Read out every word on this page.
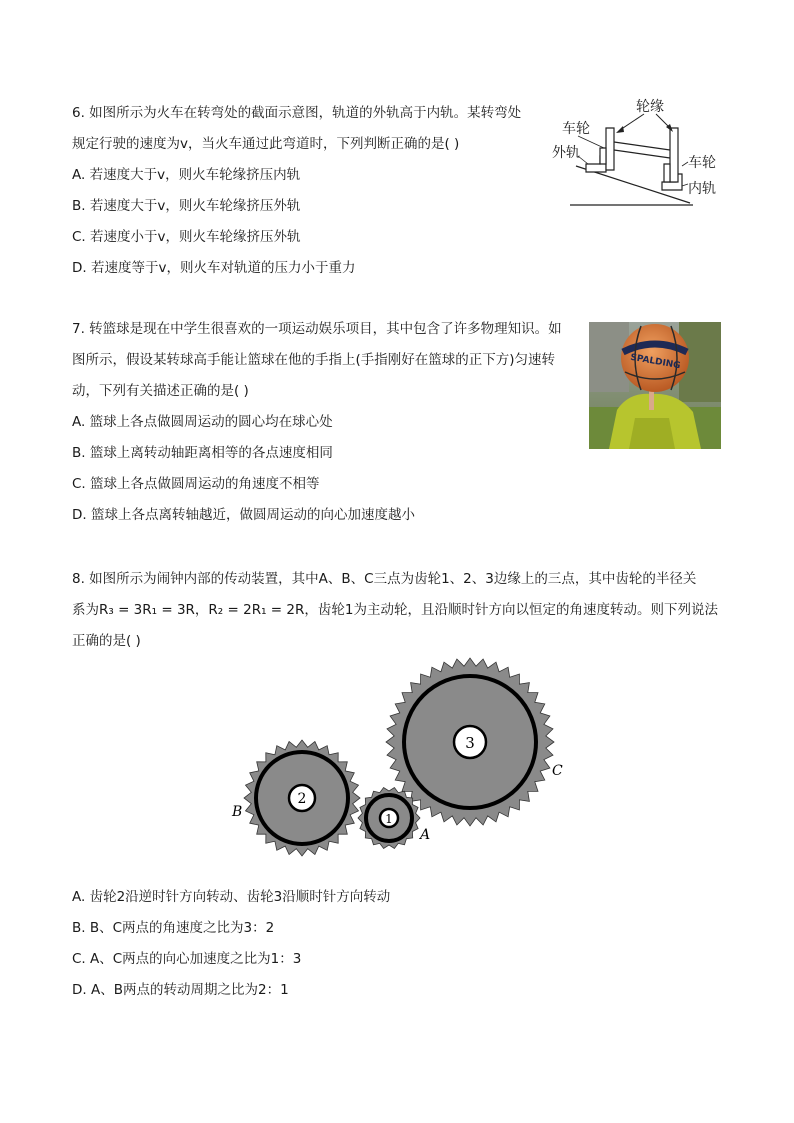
6. 如图所示为火车在转弯处的截面示意图，轨道的外轨高于内轨。某转弯处
规定行驶的速度为v，当火车通过此弯道时，下列判断正确的是( )
A. 若速度大于v，则火车轮缘挤压内轨
B. 若速度大于v，则火车轮缘挤压外轨
C. 若速度小于v，则火车轮缘挤压外轨
D. 若速度等于v，则火车对轨道的压力小于重力
轮缘
车轮
外轨
车轮
内轨
7. 转篮球是现在中学生很喜欢的一项运动娱乐项目，其中包含了许多物理知识。如
图所示，假设某转球高手能让篮球在他的手指上(手指刚好在篮球的正下方)匀速转
动，下列有关描述正确的是( )
A. 篮球上各点做圆周运动的圆心均在球心处
B. 篮球上离转动轴距离相等的各点速度相同
C. 篮球上各点做圆周运动的角速度不相等
D. 篮球上各点离转轴越近，做圆周运动的向心加速度越小
SPALDING
8. 如图所示为闹钟内部的传动装置，其中A、B、C三点为齿轮1、2、3边缘上的三点，其中齿轮的半径关
系为R₃ = 3R₁ = 3R，R₂ = 2R₁ = 2R，齿轮1为主动轮，且沿顺时针方向以恒定的角速度转动。则下列说法
正确的是( )
3
2
1
B
A
C
A. 齿轮2沿逆时针方向转动、齿轮3沿顺时针方向转动
B. B、C两点的角速度之比为3：2
C. A、C两点的向心加速度之比为1：3
D. A、B两点的转动周期之比为2：1
